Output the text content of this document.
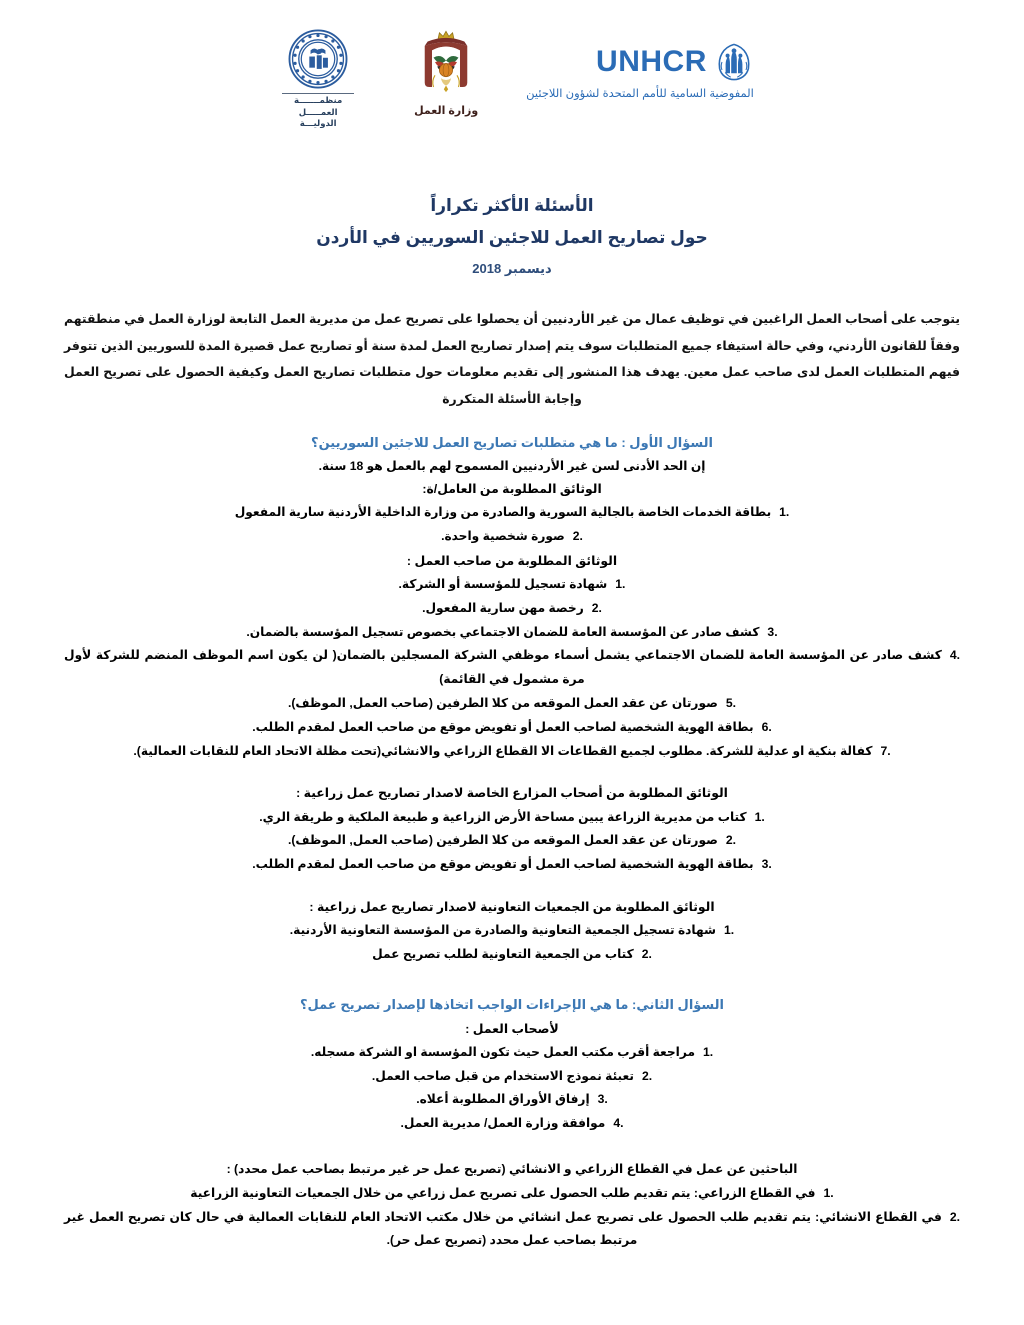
منظمـــــــة
العمـــــل
الدوليـــة
وزارة العمل
UNHCR
المفوضية السامية للأمم المتحدة لشؤون اللاجئين
الأسئلة الأكثر تكراراً
حول تصاريح العمل للاجئين السوريين في الأردن
ديسمبر 2018

يتوجب على أصحاب العمل الراغبين في توظيف عمال من غير الأردنيين أن يحصلوا على تصريح عمل من مديرية العمل التابعة لوزارة العمل في منطقتهم وفقاً للقانون الأردني، وفي حالة استيفاء جميع المتطلبات سوف يتم إصدار تصاريح العمل لمدة سنة أو تصاريح عمل قصيرة المدة للسوريين الذين تتوفر فيهم المتطلبات العمل لدى صاحب عمل معين. يهدف هذا المنشور إلى تقديم معلومات حول متطلبات تصاريح العمل وكيفية الحصول على تصريح العمل وإجابة الأسئلة المتكررة

السؤال الأول : ما هي متطلبات تصاريح العمل للاجئين السوريين؟
إن الحد الأدنى لسن غير الأردنيين المسموح لهم بالعمل هو 18 سنة.
الوثائق المطلوبة من العامل/ة:
1.بطاقة الخدمات الخاصة بالجالية السورية والصادرة من وزارة الداخلية الأردنية سارية المفعول
2.صورة شخصية واحدة.
الوثائق المطلوبة من صاحب العمل :
1.شهادة تسجيل للمؤسسة أو الشركة.
2.رخصة مهن سارية المفعول.
3.كشف صادر عن المؤسسة العامة للضمان الاجتماعي بخصوص تسجيل المؤسسة بالضمان.
4.كشف صادر عن المؤسسة العامة للضمان الاجتماعي يشمل أسماء موظفي الشركة المسجلين بالضمان( لن يكون اسم الموظف المنضم للشركة لأول مرة مشمول في القائمة)
5.صورتان عن عقد العمل الموقعه من كلا الطرفين (صاحب العمل, الموظف).
6.بطاقة الهوية الشخصية لصاحب العمل أو تفويض موقع من صاحب العمل لمقدم الطلب.
7.كفالة بنكية او عدلية للشركة. مطلوب لجميع القطاعات الا القطاع الزراعي والانشائي(تحت مظلة الاتحاد العام للنقابات العمالية).
الوثائق المطلوبة من أصحاب المزارع الخاصة لاصدار تصاريح عمل زراعية :
1.كتاب من مديرية الزراعة يبين مساحة الأرض الزراعية و طبيعة الملكية و طريقة الري.
2.صورتان عن عقد العمل الموقعه من كلا الطرفين (صاحب العمل, الموظف).
3.بطاقة الهوية الشخصية لصاحب العمل أو تفويض موقع من صاحب العمل لمقدم الطلب.
الوثائق المطلوبة من الجمعيات التعاونية لاصدار تصاريح عمل زراعية :
1.شهادة تسجيل الجمعية التعاونية والصادرة من المؤسسة التعاونية الأردنية.
2.كتاب من الجمعية التعاونية لطلب تصريح عمل
السؤال الثاني: ما هي الإجراءات الواجب اتخاذها لإصدار تصريح عمل؟
لأصحاب العمل :
1.مراجعة أقرب مكتب العمل حيث تكون المؤسسة او الشركة مسجله.
2.تعبئة نموذج الاستخدام من قبل صاحب العمل.
3.إرفاق الأوراق المطلوبة أعلاه.
4.موافقة وزارة العمل/ مديرية العمل.
الباحثين عن عمل في القطاع الزراعي و الانشائي (تصريح عمل حر غير مرتبط بصاحب عمل محدد) :
1.في القطاع الزراعي: يتم تقديم طلب الحصول على تصريح عمل زراعي من خلال الجمعيات التعاونية الزراعية
2.في القطاع الانشائي: يتم تقديم طلب الحصول على تصريح عمل انشائي من خلال مكتب الاتحاد العام للنقابات العمالية في حال كان تصريح العمل غير مرتبط بصاحب عمل محدد (تصريح عمل حر).
